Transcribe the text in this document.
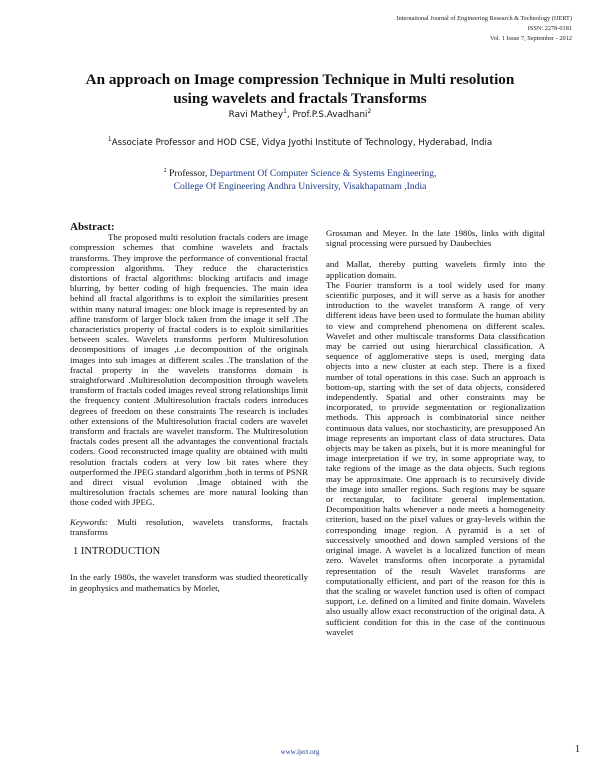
International Journal of Engineering Research & Technology (IJERT)
ISSN: 2278-0181
Vol. 1 Issue 7, September - 2012
An approach on Image compression Technique in Multi resolution
using wavelets and fractals Transforms
Ravi Mathey$^1$, Prof.P.S.Avadhani$^2$
$^1$Associate Professor and HOD CSE, Vidya Jyothi Institute of Technology, Hyderabad, India
$^2$ Professor, Department Of Computer Science & Systems Engineering,
College Of Engineering Andhra University, Visakhapatnam ,India

Abstract:

The proposed multi resolution fractals coders are image compression schemes that combine wavelets and fractals transforms. They improve the performance of conventional fractal compression algorithms. They reduce the characteristics distortions of fractal algorithms: blocking artifacts and image blurring, by better coding of high frequencies. The main idea behind all fractal algorithms is to exploit the similarities present within many natural images: one block image is represented by an affine transform of larger block taken from the image it self .The characteristics property of fractal coders is to exploit similarities between scales. Wavelets transforms perform Multiresolution decompositions of images ,i.e decomposition of the originals images into sub images at different scales .The translation of the fractal property in the wavelets transforms domain is straightforward .Multiresolution decomposition through wavelets transform of fractals coded images reveal strong relationships limit the frequency content .Multiresolution fractals coders introduces degrees of freedom on these constraints The research is includes other extensions of the Multiresolution fractal coders are wavelet transform and fractals are wavelet transform. The Multiresolution fractals codes present all the advantages the conventional fractals coders. Good reconstructed image quality are obtained with multi resolution fractals coders at very low bit rates where they outperformed the JPEG standard algorithm ,both in terms of PSNR and direct visual evolution .Image obtained with the multiresolution fractals schemes are more natural looking than those coded with JPEG.

Keywords: Multi resolution, wavelets transforms, fractals transforms

1 INTRODUCTION

In the early 1980s, the wavelet transform was studied theoretically in geophysics and mathematics by Morlet,

Grossman and Meyer. In the late 1980s, links with digital signal processing were pursued by Daubechies

and Mallat, thereby putting wavelets firmly into the application domain.

The Fourier transform is a tool widely used for many scientific purposes, and it will serve as a basis for another introduction to the wavelet transform A range of very different ideas have been used to formulate the human ability to view and comprehend phenomena on different scales. Wavelet and other multiscale transforms Data classification may be carried out using hierarchical classification. A sequence of agglomerative steps is used, merging data objects into a new cluster at each step. There is a fixed number of total operations in this case. Such an approach is bottom-up, starting with the set of data objects, considered independently. Spatial and other constraints may be incorporated, to provide segmentation or regionalization methods. This approach is combinatorial since neither continuous data values, nor stochasticity, are presupposed An image represents an important class of data structures. Data objects may be taken as pixels, but it is more meaningful for image interpretation if we try, in some appropriate way, to take regions of the image as the data objects. Such regions may be approximate. One approach is to recursively divide the image into smaller regions. Such regions may be square or rectangular, to facilitate general implementation. Decomposition halts whenever a node meets a homogeneity criterion, based on the pixel values or gray-levels within the corresponding image region. A pyramid is a set of successively smoothed and down sampled versions of the original image. A wavelet is a localized function of mean zero. Wavelet transforms often incorporate a pyramidal representation of the result Wavelet transforms are computationally efficient, and part of the reason for this is that the scaling or wavelet function used is often of compact support, i.e. defined on a limited and finite domain. Wavelets also usually allow exact reconstruction of the original data. A sufficient condition for this in the case of the continuous wavelet

www.ijert.org	1
